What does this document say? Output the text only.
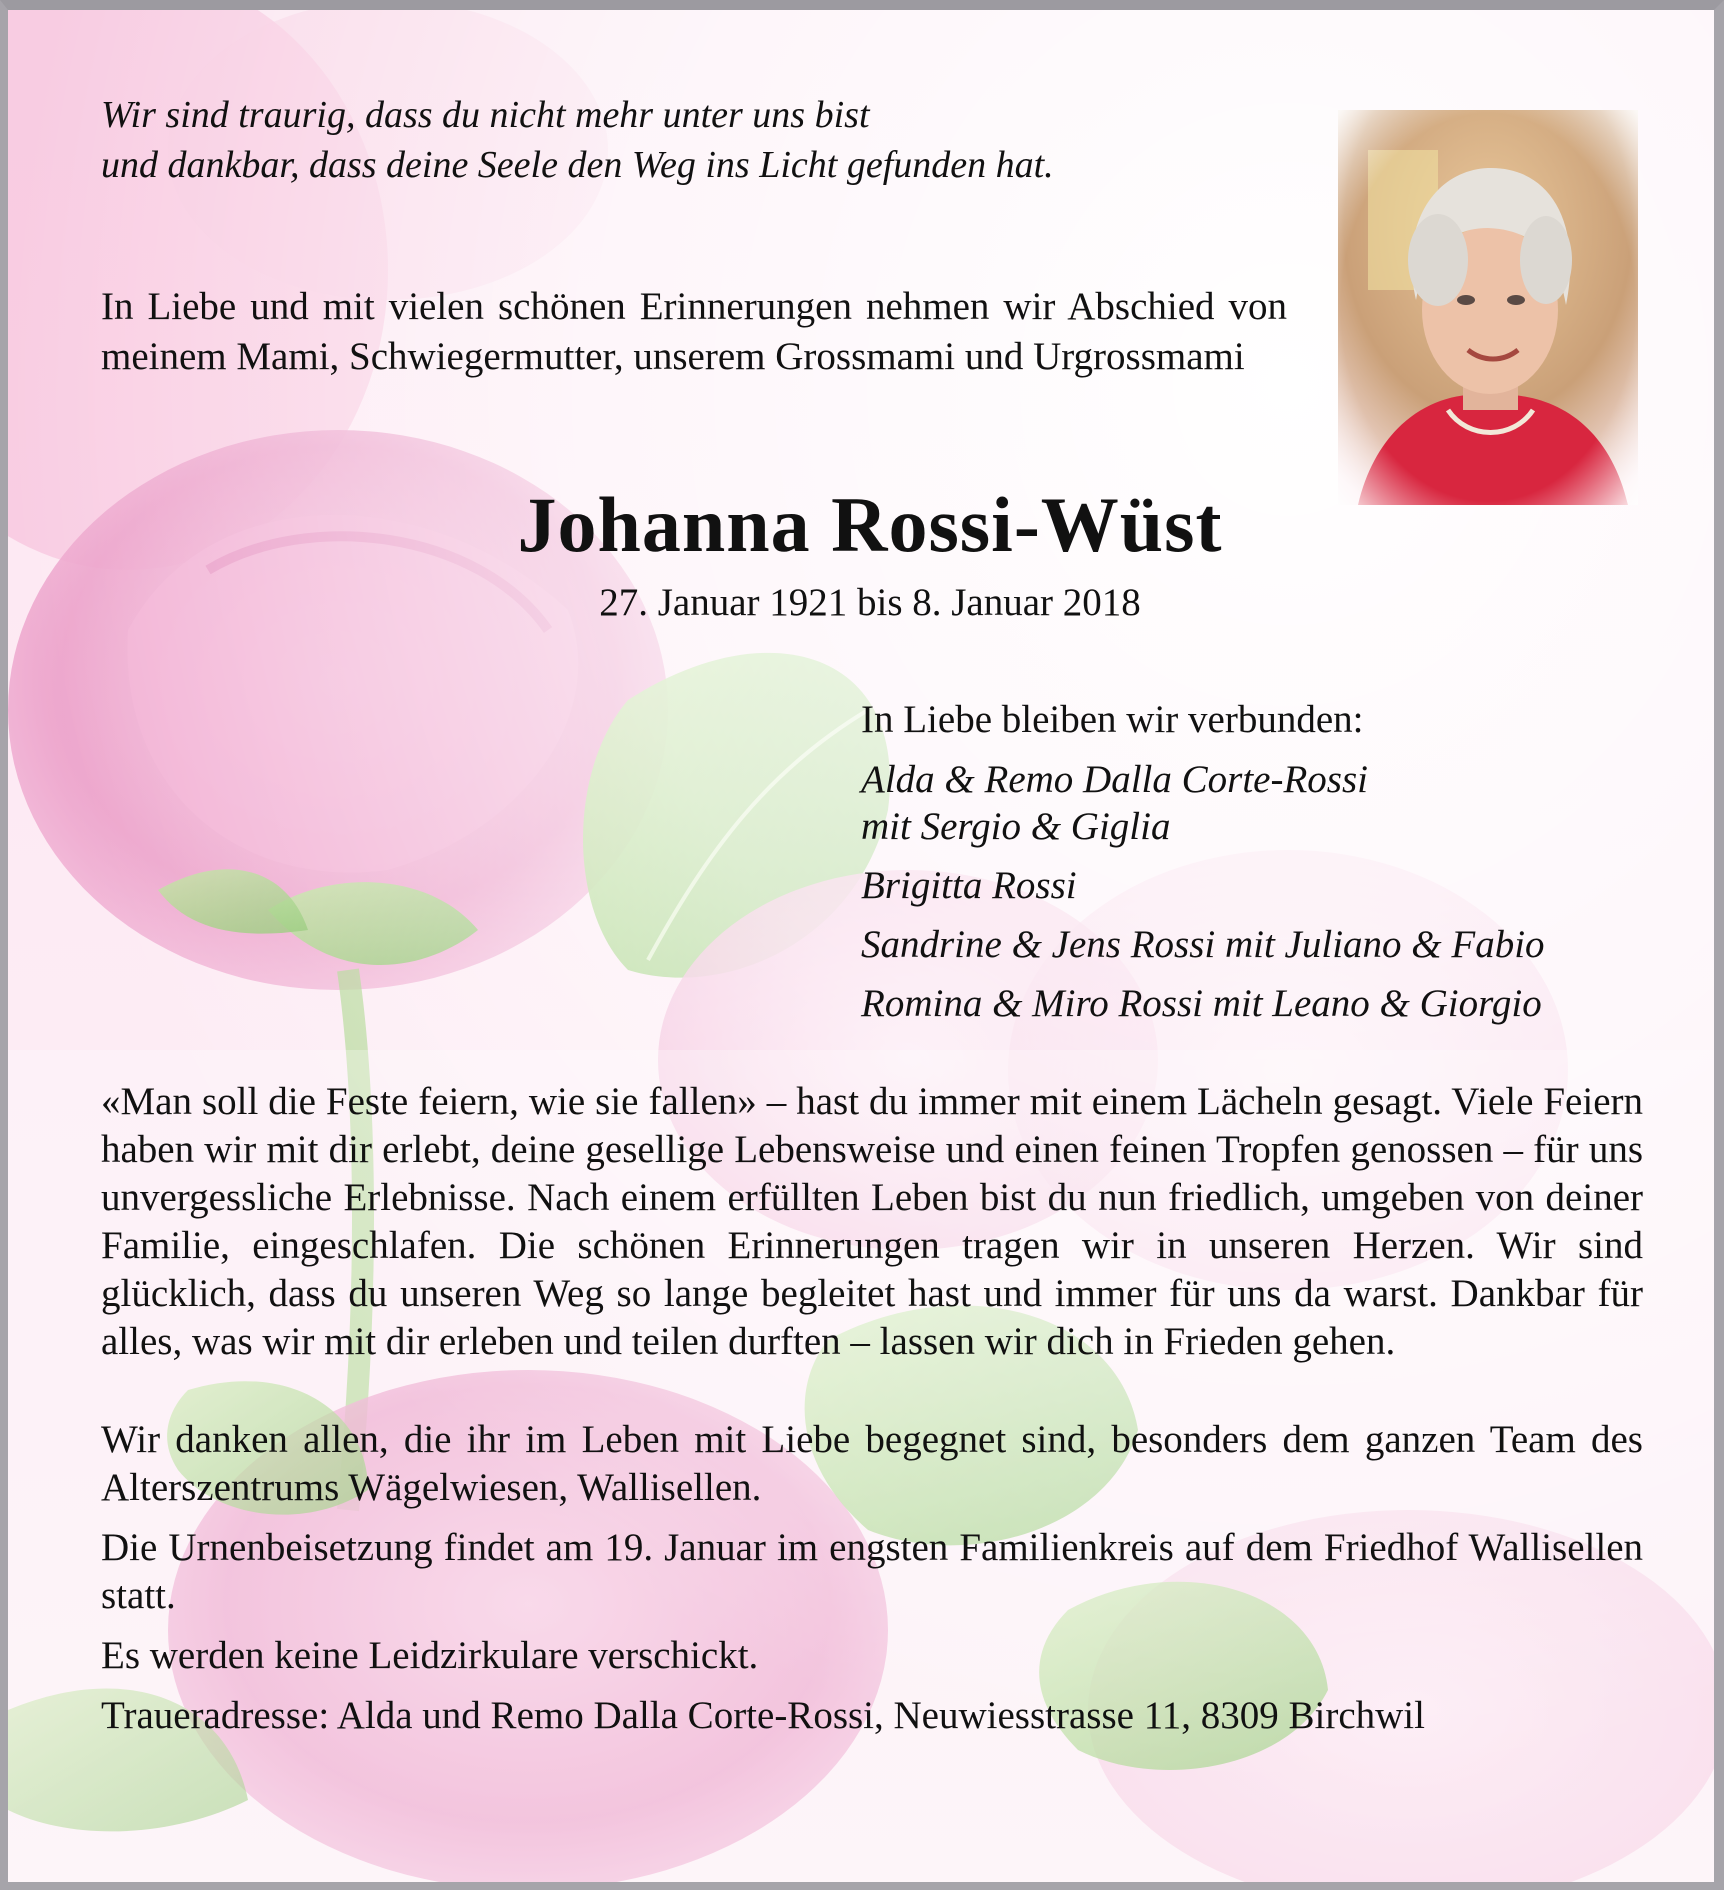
Wir sind traurig, dass du nicht mehr unter uns bist
und dankbar, dass deine Seele den Weg ins Licht gefunden hat.
In Liebe und mit vielen schönen Erinnerungen nehmen wir Abschied von meinem Mami, Schwiegermutter, unserem Grossmami und Urgrossmami
Johanna Rossi-Wüst
27. Januar 1921 bis 8. Januar 2018
In Liebe bleiben wir verbunden:
Alda & Remo Dalla Corte-Rossi
mit Sergio & Giglia
Brigitta Rossi
Sandrine & Jens Rossi mit Juliano & Fabio
Romina & Miro Rossi mit Leano & Giorgio

«Man soll die Feste feiern, wie sie fallen» – hast du immer mit einem Lächeln gesagt. Viele Feiern haben wir mit dir erlebt, deine gesellige Lebensweise und einen feinen Tropfen genossen – für uns unvergessliche Erlebnisse. Nach einem erfüllten Leben bist du nun friedlich, umgeben von deiner Familie, eingeschlafen. Die schönen Erinnerungen tragen wir in unseren Herzen. Wir sind glücklich, dass du unseren Weg so lange begleitet hast und immer für uns da warst. Dankbar für alles, was wir mit dir erleben und teilen durften – lassen wir dich in Frieden gehen.

Wir danken allen, die ihr im Leben mit Liebe begegnet sind, besonders dem ganzen Team des Alterszentrums Wägelwiesen, Wallisellen.

Die Urnenbeisetzung findet am 19. Januar im engsten Familienkreis auf dem Friedhof Wallisellen statt.

Es werden keine Leidzirkulare verschickt.

Traueradresse: Alda und Remo Dalla Corte-Rossi, Neuwiesstrasse 11, 8309 Birchwil
